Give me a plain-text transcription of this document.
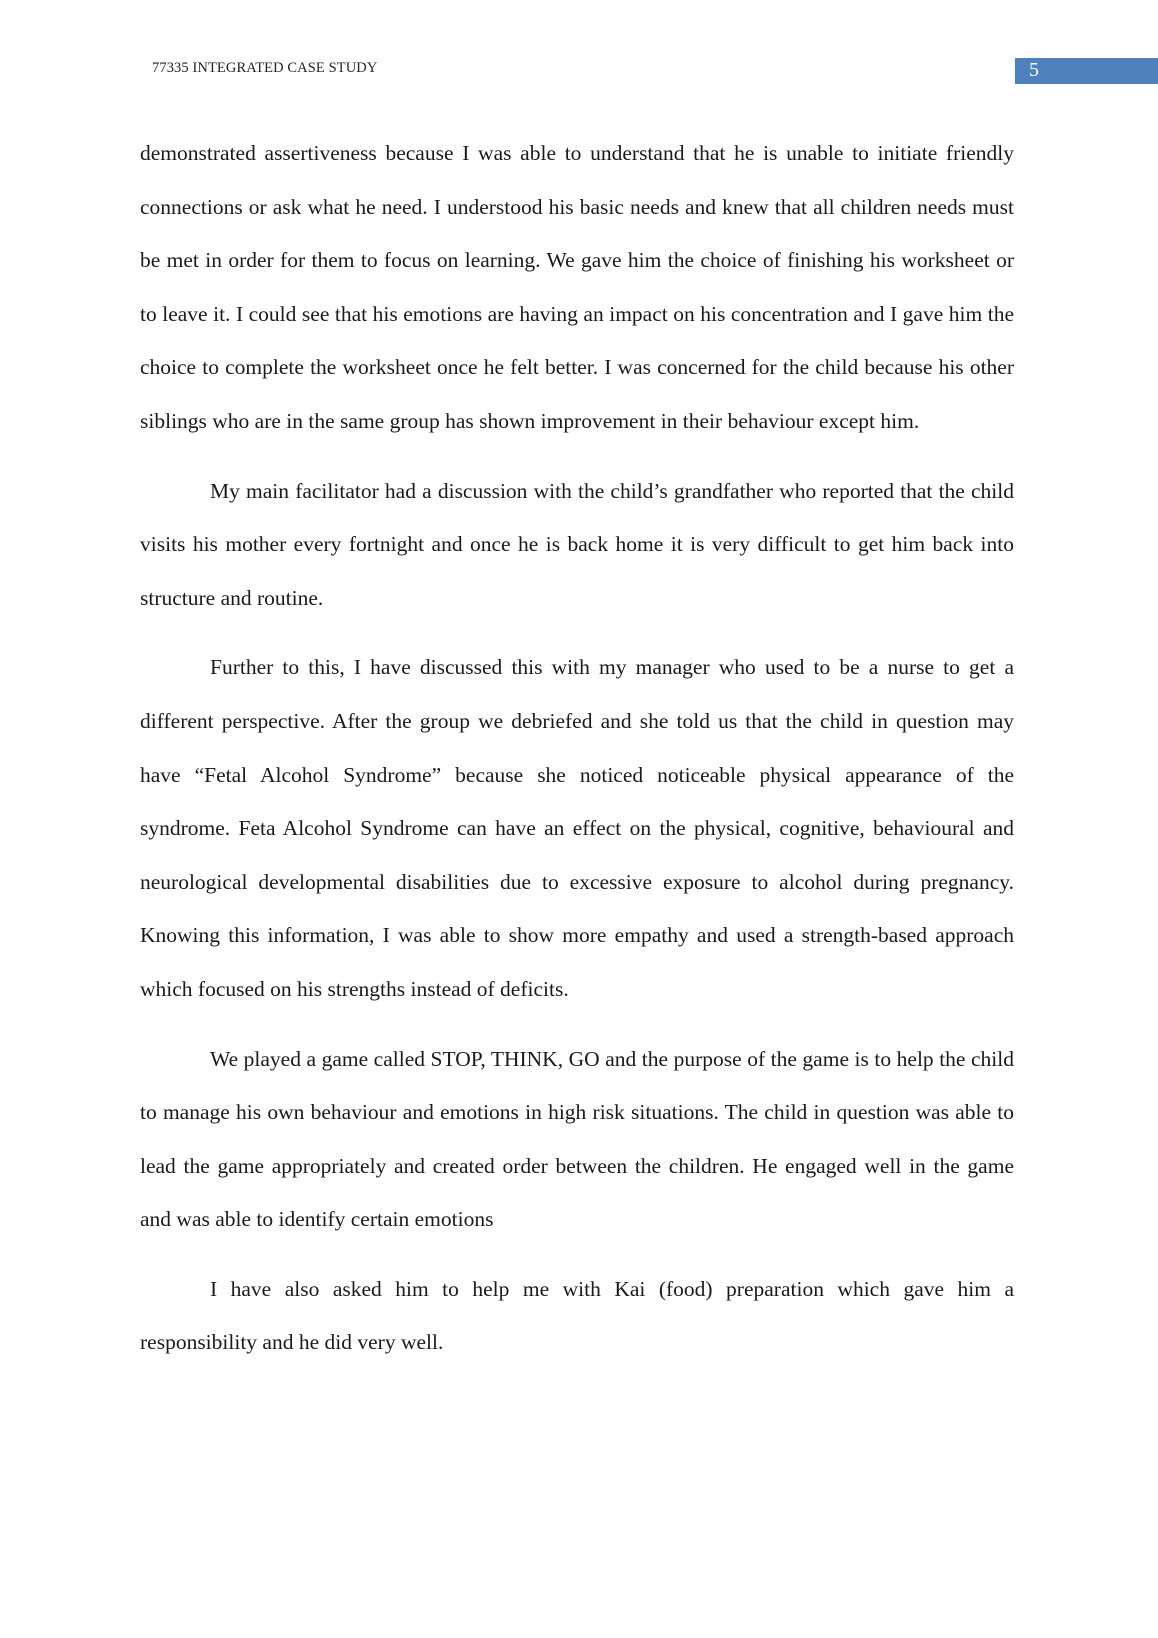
77335 INTEGRATED CASE STUDY	5

demonstrated assertiveness because I was able to understand that he is unable to initiate friendly connections or ask what he need. I understood his basic needs and knew that all children needs must be met in order for them to focus on learning. We gave him the choice of finishing his worksheet or to leave it. I could see that his emotions are having an impact on his concentration and I gave him the choice to complete the worksheet once he felt better. I was concerned for the child because his other siblings who are in the same group has shown improvement in their behaviour except him.

My main facilitator had a discussion with the child’s grandfather who reported that the child visits his mother every fortnight and once he is back home it is very difficult to get him back into structure and routine.

Further to this, I have discussed this with my manager who used to be a nurse to get a different perspective. After the group we debriefed and she told us that the child in question may have “Fetal Alcohol Syndrome” because she noticed noticeable physical appearance of the syndrome. Feta Alcohol Syndrome can have an effect on the physical, cognitive, behavioural and neurological developmental disabilities due to excessive exposure to alcohol during pregnancy. Knowing this information, I was able to show more empathy and used a strength-based approach which focused on his strengths instead of deficits.

We played a game called STOP, THINK, GO and the purpose of the game is to help the child to manage his own behaviour and emotions in high risk situations. The child in question was able to lead the game appropriately and created order between the children. He engaged well in the game and was able to identify certain emotions

I have also asked him to help me with Kai (food) preparation which gave him a responsibility and he did very well.
